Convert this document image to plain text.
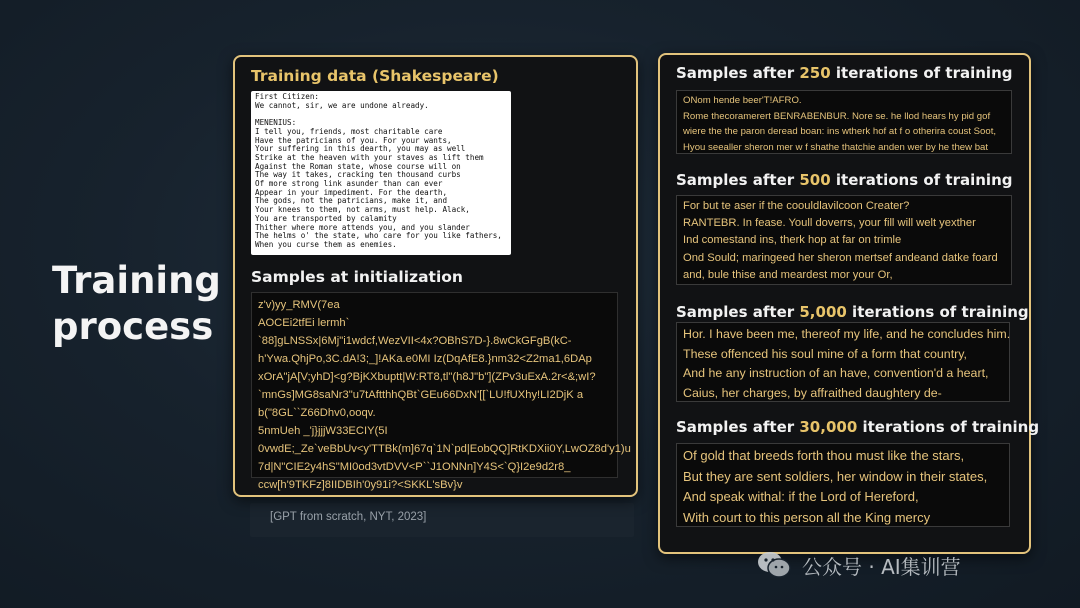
Training
process
[GPT from scratch, NYT, 2023]
Training data (Shakespeare)
First Citizen:
We cannot, sir, we are undone already.

MENENIUS:
I tell you, friends, most charitable care
Have the patricians of you. For your wants,
Your suffering in this dearth, you may as well
Strike at the heaven with your staves as lift them
Against the Roman state, whose course will on
The way it takes, cracking ten thousand curbs
Of more strong link asunder than can ever
Appear in your impediment. For the dearth,
The gods, not the patricians, make it, and
Your knees to them, not arms, must help. Alack,
You are transported by calamity
Thither where more attends you, and you slander
The helms o' the state, who care for you like fathers,
When you curse them as enemies.
Samples at initialization
z'v)yy_RMV(7ea
AOCEi2tfEi lermh`
`88]gLNSSx|6Mj"i1wdcf,WezVII<4x?OBhS7D-}.8wCkGFgB(kC-
h'Ywa.QhjPo,3C.dA!3;_]!AKa.e0MI Iz(DqAfE8.}nm32<Z2ma1,6DAp
xOrA"jA[V;yhD]<g?BjKXbuptt|W:RT8,tl"(h8J"b"](ZPv3uExA.2r<&;wI?
`mnGs]MG8saNr3"u7tAftthhQBt`GEu66DxN'[[`LU!fUXhy!LI2DjK a
b("8GL``Z66Dhv0,ooqv.
5nmUeh _'j}jjjW33ECIY(5I
0vwdE;_Ze`veBbUv<y'TTBk(m]67q`1N`pd|EobQQ]RtKDXii0Y,LwOZ8d'y1)u
7d|N"CIE2y4hS"MI0od3vtDVV<P``J1ONNn]Y4S<`Q}I2e9d2r8_
ccw[h'9TKFz]8IIDBIh'0y91i?<SKKL'sBv}v
Samples after 250 iterations of training
ONom hende beer'T!AFRO.
Rome thecoramerert BENRABENBUR. Nore se. he llod hears hy pid gof
wiere the the paron deread boan: ins wtherk hof at f o otherira coust Soot,
Hyou seealler sheron mer w f shathe thatchie anden wer by he thew bat
Samples after 500 iterations of training
For but te aser if the coouldlavilcoon Creater?
RANTEBR. In fease. Youll doverrs, your fill will welt yexther
Ind comestand ins, therk hop at far on trimle
Ond Sould; maringeed her sheron mertsef andeand datke foard
and, bule thise and meardest mor your Or,
Samples after 5,000 iterations of training
Hor. I have been me, thereof my life, and he concludes him.
These offenced his soul mine of a form that country,
And he any instruction of an have, convention'd a heart,
Caius, her charges, by affraithed daughtery de-
Samples after 30,000 iterations of training
Of gold that breeds forth thou must like the stars,
But they are sent soldiers, her window in their states,
And speak withal: if the Lord of Hereford,
With court to this person all the King mercy
公众号 · AI集训营
